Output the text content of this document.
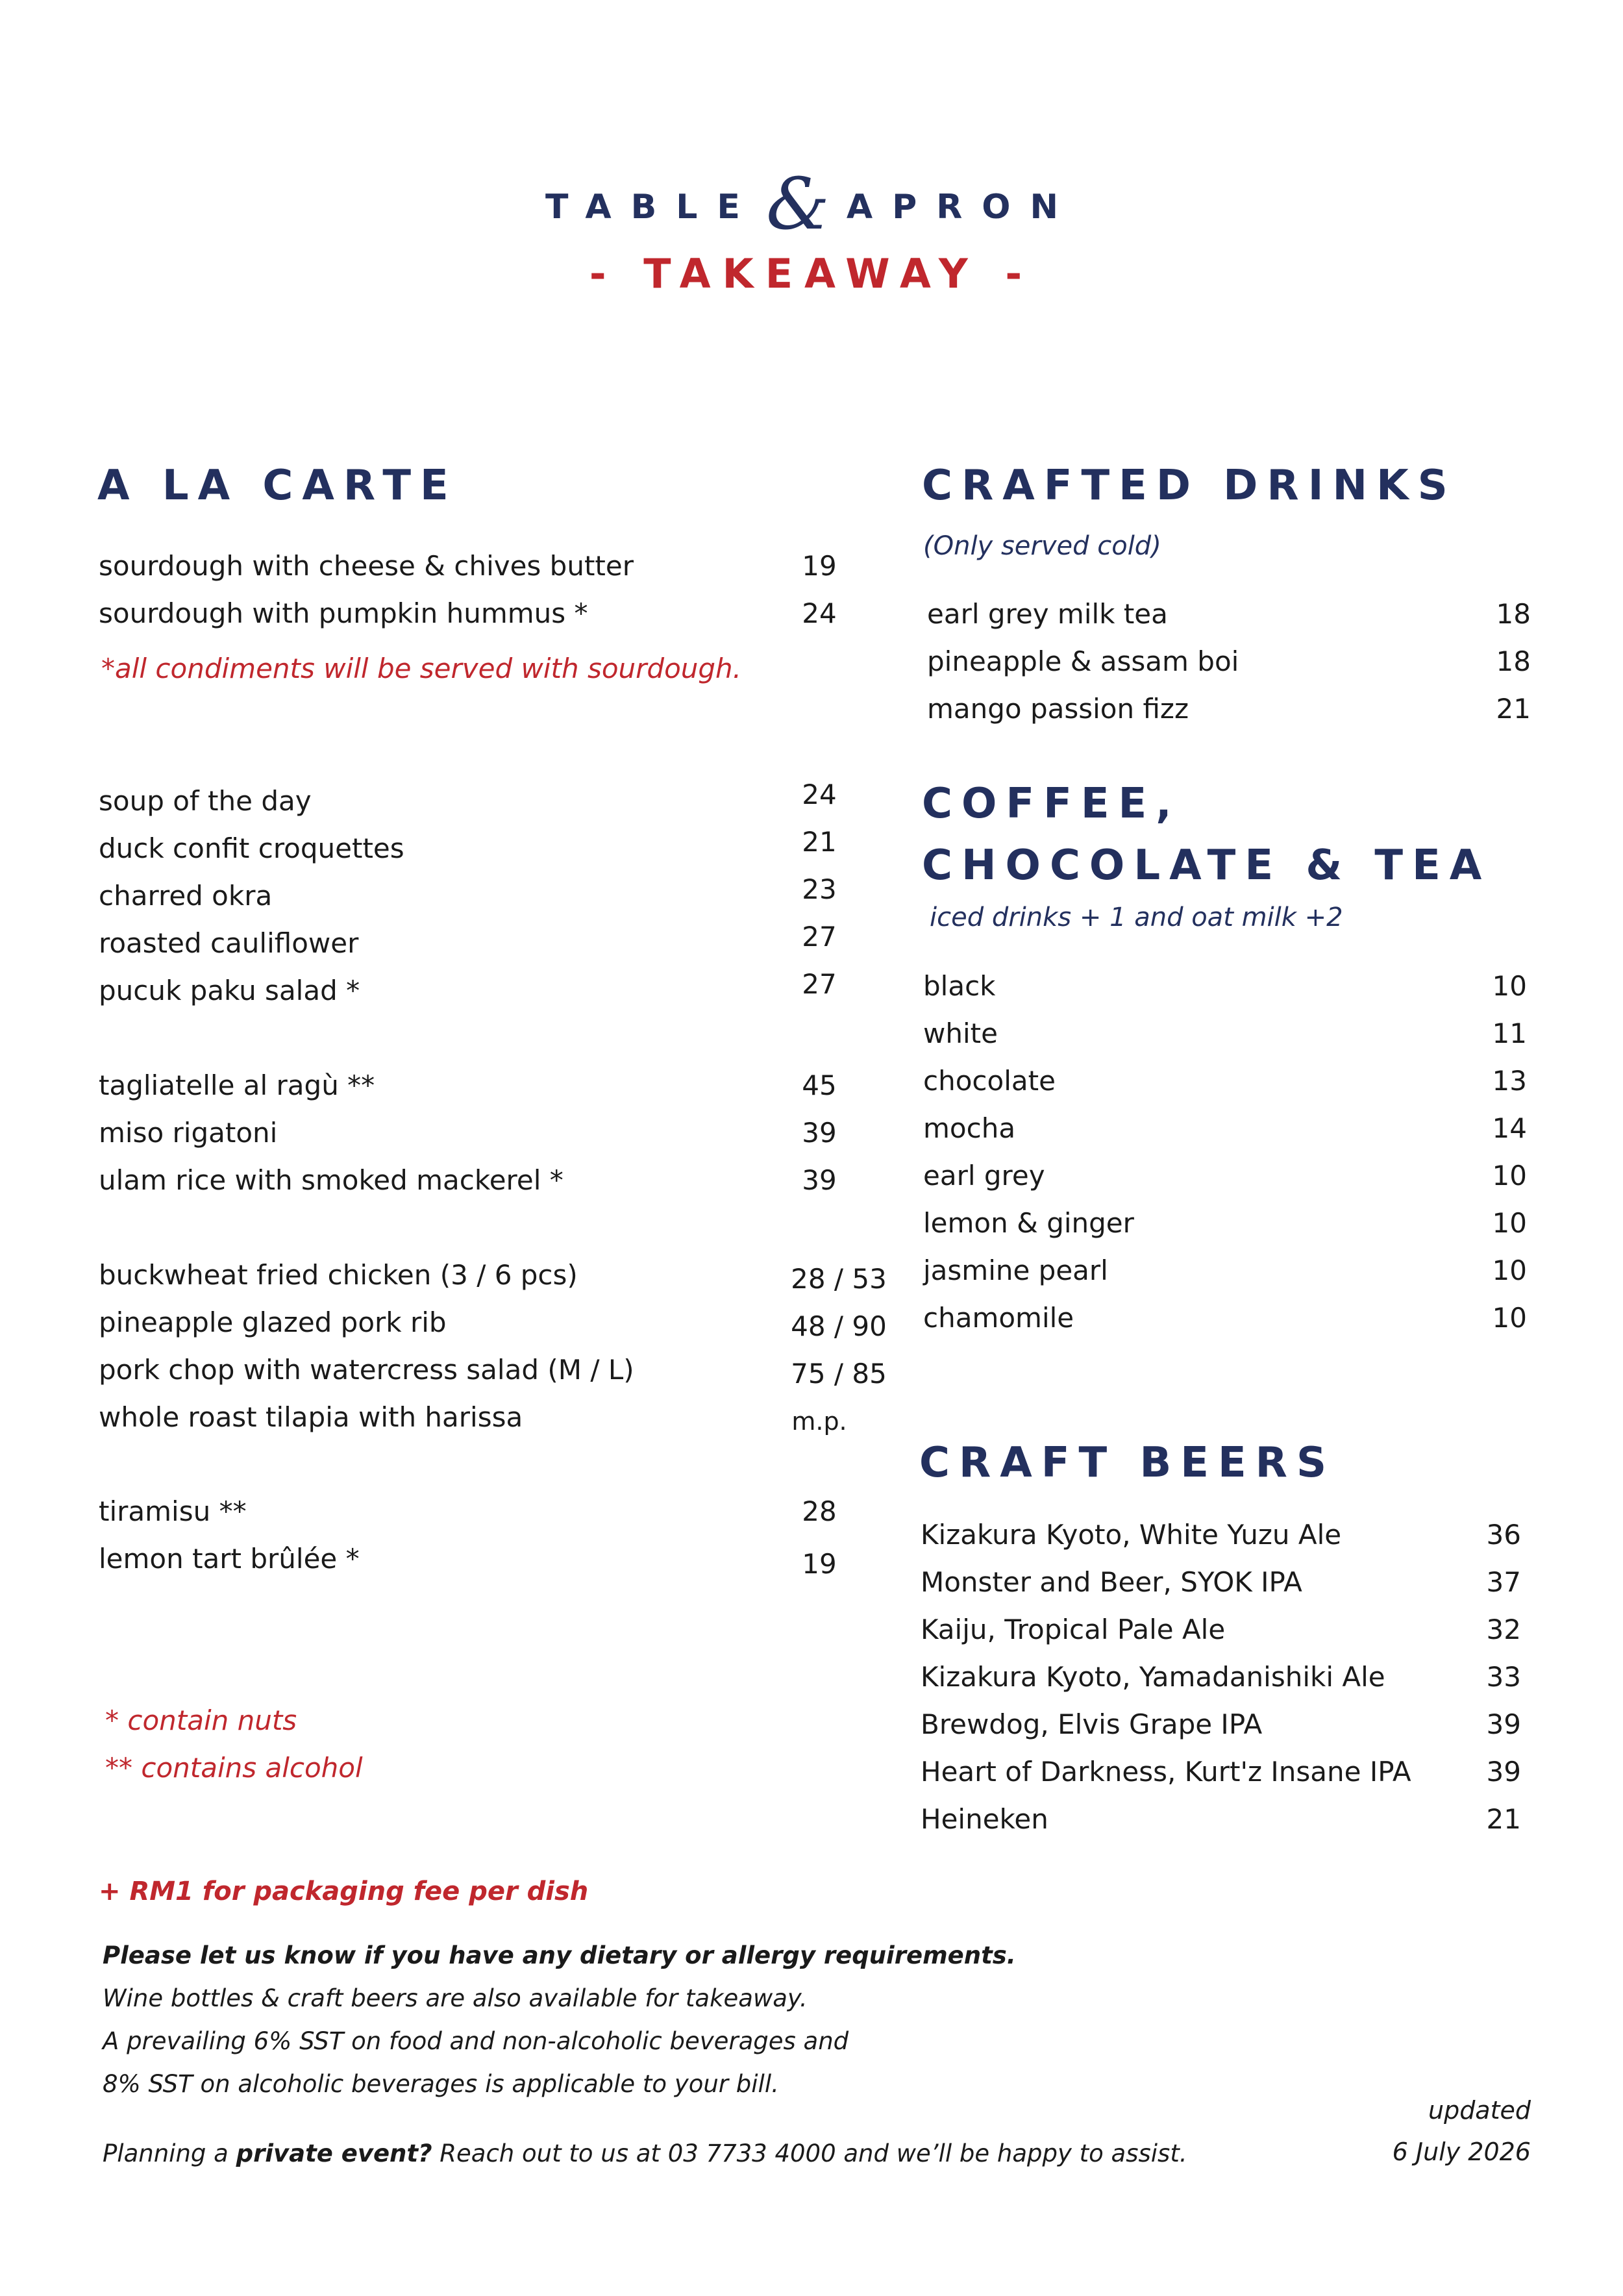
TABLE& APRON
- TAKEAWAY -
A LA CARTE
sourdough with cheese & chives butter	19
sourdough with pumpkin hummus *	24
*all condiments will be served with sourdough.
soup of the day	24
duck confit croquettes	21
charred okra	23
roasted cauliflower	27
pucuk paku salad *	27
tagliatelle al ragù **	45
miso rigatoni	39
ulam rice with smoked mackerel *	39
buckwheat fried chicken (3 / 6 pcs)	28 / 53
pineapple glazed pork rib	48 / 90
pork chop with watercress salad (M / L)	75 / 85
whole roast tilapia with harissa	m.p.
tiramisu **	28
lemon tart brûlée *	19
* contain nuts
** contains alcohol
CRAFTED DRINKS
(Only served cold)
earl grey milk tea	18
pineapple & assam boi	18
mango passion fizz	21
COFFEE,
CHOCOLATE & TEA
iced drinks + 1 and oat milk +2
black	10
white	11
chocolate	13
mocha	14
earl grey	10
lemon & ginger	10
jasmine pearl	10
chamomile	10
CRAFT BEERS
Kizakura Kyoto, White Yuzu Ale	36
Monster and Beer, SYOK IPA	37
Kaiju, Tropical Pale Ale	32
Kizakura Kyoto, Yamadanishiki Ale	33
Brewdog, Elvis Grape IPA	39
Heart of Darkness, Kurt'z Insane IPA	39
Heineken	21
+ RM1 for packaging fee per dish
Please let us know if you have any dietary or allergy requirements.
Wine bottles & craft beers are also available for takeaway.
A prevailing 6% SST on food and non-alcoholic beverages and
8% SST on alcoholic beverages is applicable to your bill.
Planning a private event? Reach out to us at 03 7733 4000 and we’ll be happy to assist.
updated
6 July 2026
